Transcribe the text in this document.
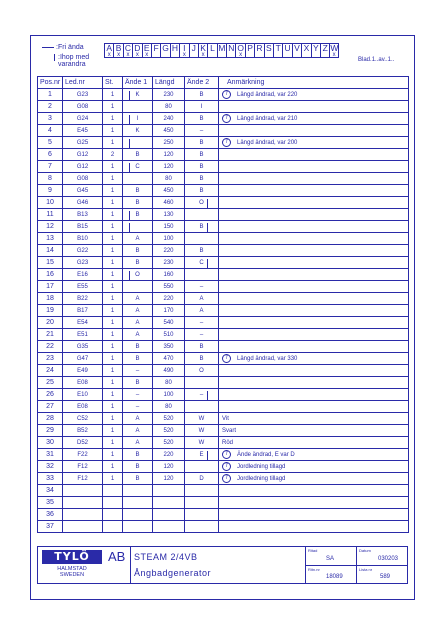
:Fri ända
:Ihop med
varandra
A
x
B
x
C
x
D
x
E
x
F G H I
x
J K
x
L M N O
x
P R S T U V X Y Z W
x
Blad.1..av..1..
Pos.nr	Led.nr	St.	Ände 1	Längd	Ände 2	Anmärkning
1	G23	1	K	230	B	7 Längd ändrad, var 220
2	G08	1		80	I	
3	G24	1	I	240	B	7 Längd ändrad, var 210
4	E45	1	K	450	–	
5	G25	1		250	B	7 Längd ändrad, var 200
6	G12	2	B	120	B	
7	G12	1	C	120	B	
8	G08	1		80	B	
9	G45	1	B	450	B	
10	G46	1	B	460	O

11	B13	1	B	130		
12	B15	1		150	B

13	B10	1	A	100		
14	G22	1	B	220	B	
15	G23	1	B	230	C

16	E16	1	O	160		
17	E55	1		550	–	
18	B22	1	A	220	A	
19	B17	1	A	170	A	
20	E54	1	A	540	–	
21	E51	1	A	510	–	
22	G35	1	B	350	B	
23	G47	1	B	470	B	7 Längd ändrad, var 330
24	E49	1	–	490	O	
25	E08	1	B	80		
26	E10	1	–	100	–

27	E08	1	–	80		
28	C52	1	A	520	W	Vit
29	B52	1	A	520	W	Svart
30	D52	1	A	520	W	Röd
31	F22	1	B	220	E	7 Ände ändrad, E var D
32	F12	1	B	120		7 Jordledning tillagd
33	F12	1	B	120	D	7 Jordledning tillagd
34						
35						
36						
37						
TYLÖ	AB
HALMSTAD
SWEDEN
STEAM 2/4VB
Ångbadgenerator
Ritad
SA
Datum
030203
Ritn.nr
18089
Lista nr
589
